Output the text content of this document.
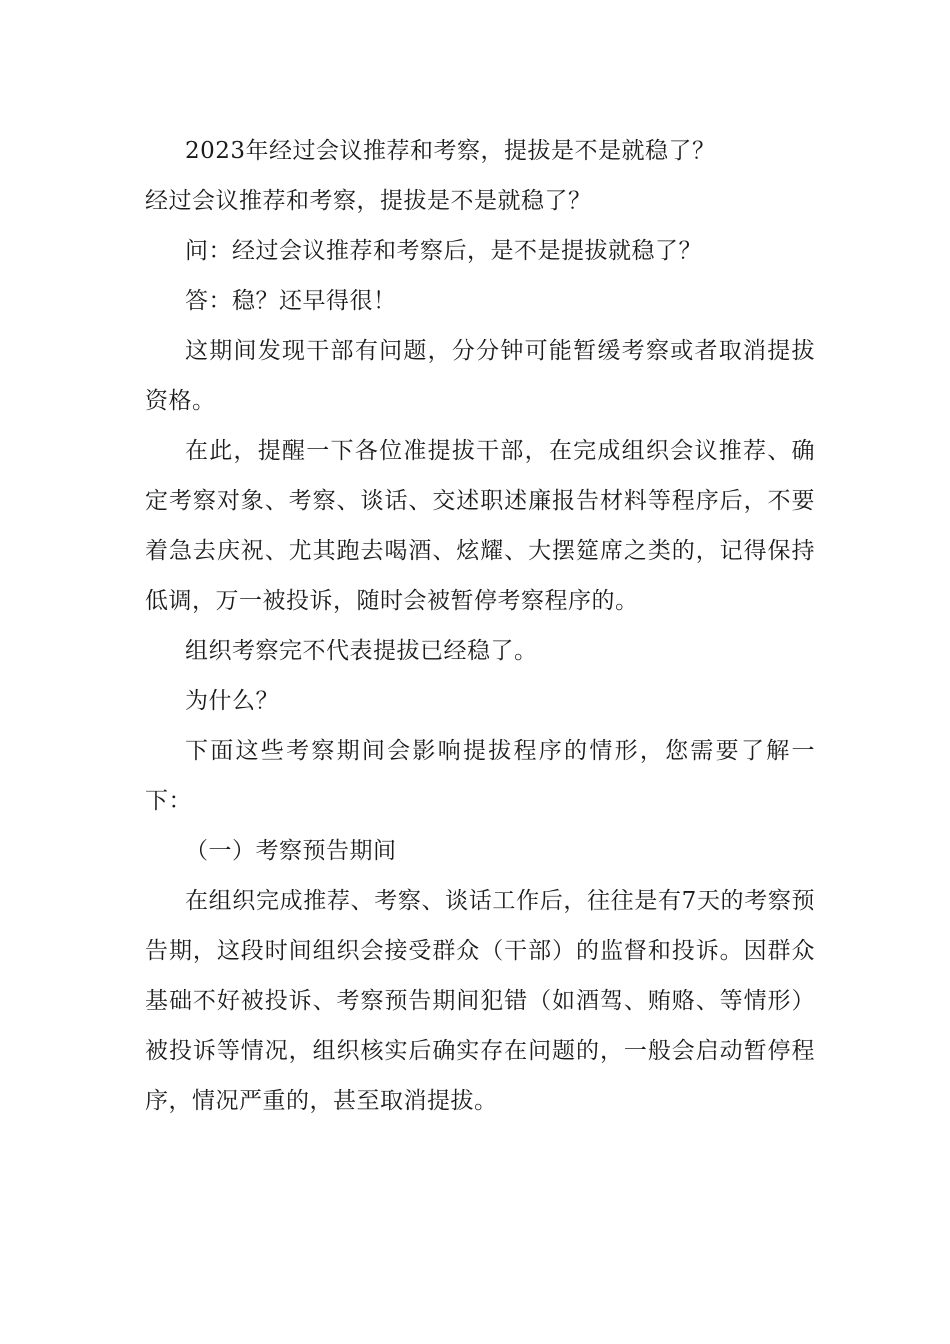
2023年经过会议推荐和考察，提拔是不是就稳了？

经过会议推荐和考察，提拔是不是就稳了？

问：经过会议推荐和考察后，是不是提拔就稳了？

答：稳？还早得很！

这期间发现干部有问题，分分钟可能暂缓考察或者取消提拔资格。

在此，提醒一下各位准提拔干部，在完成组织会议推荐、确定考察对象、考察、谈话、交述职述廉报告材料等程序后，不要着急去庆祝、尤其跑去喝酒、炫耀、大摆筵席之类的，记得保持低调，万一被投诉，随时会被暂停考察程序的。

组织考察完不代表提拔已经稳了。

为什么？

下面这些考察期间会影响提拔程序的情形，您需要了解一下：

（一）考察预告期间

在组织完成推荐、考察、谈话工作后，往往是有7天的考察预告期，这段时间组织会接受群众（干部）的监督和投诉。因群众基础不好被投诉、考察预告期间犯错（如酒驾、贿赂、等情形）被投诉等情况，组织核实后确实存在问题的，一般会启动暂停程序，情况严重的，甚至取消提拔。
